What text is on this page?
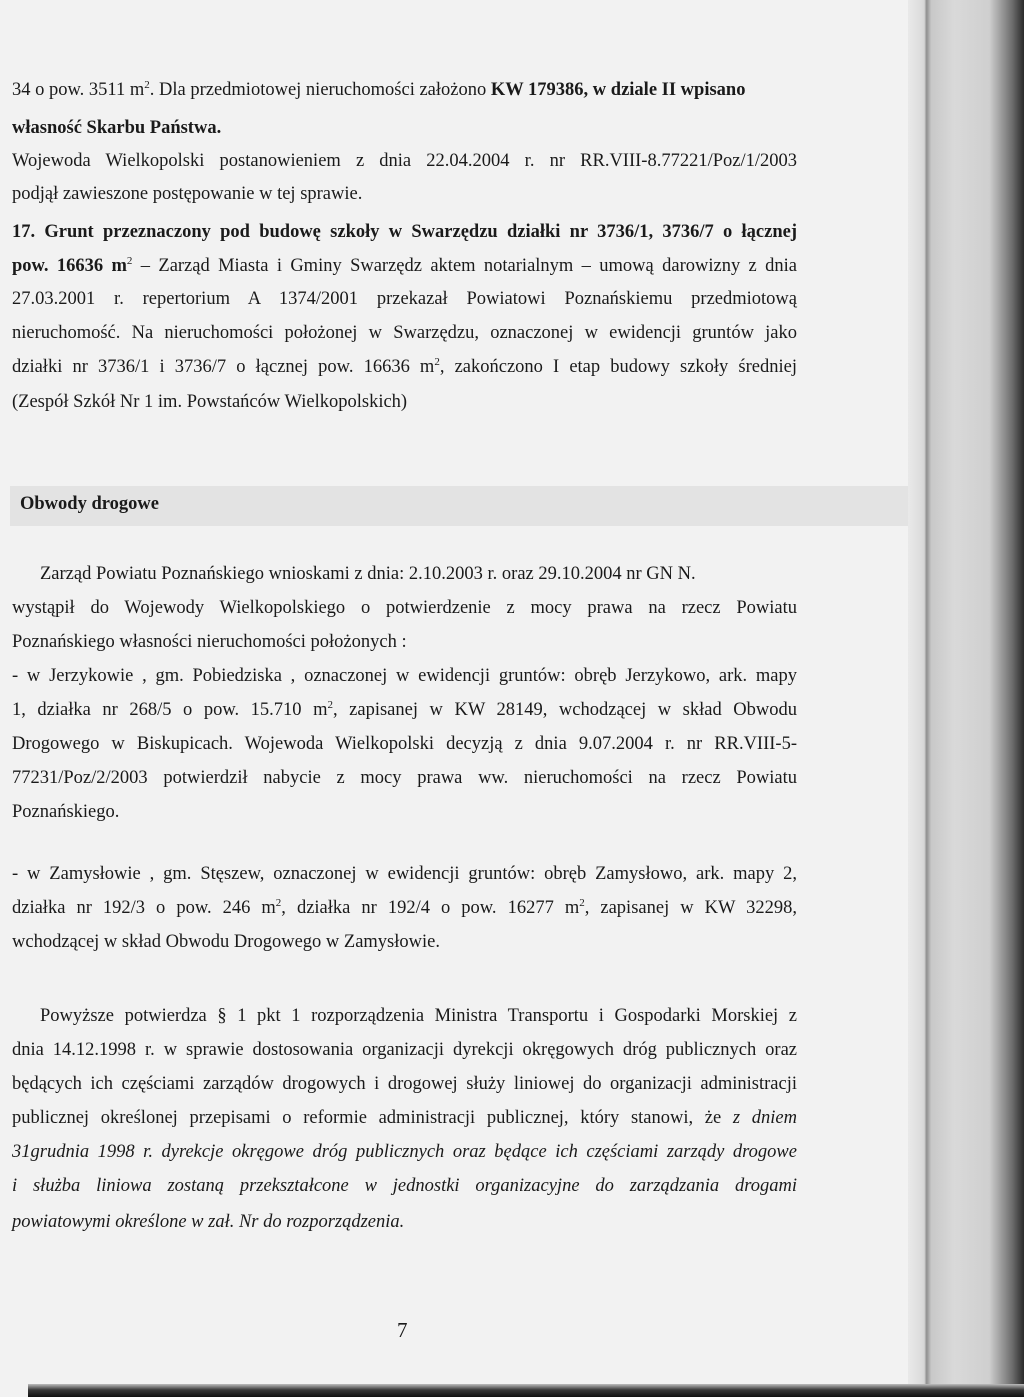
34 o pow. 3511 $m^2$. Dla przedmiotowej nieruchomości założono KW 179386, w dziale II wpisano
własność Skarbu Państwa.
Wojewoda Wielkopolski postanowieniem z dnia 22.04.2004 r. nr RR.VIII-8.77221/Poz/1/2003
podjął zawieszone postępowanie w tej sprawie.
17. Grunt przeznaczony pod budowę szkoły w Swarzędzu działki nr 3736/1, 3736/7 o łącznej
pow. 16636 $m^2$ – Zarząd Miasta i Gminy Swarzędz aktem notarialnym – umową darowizny z dnia
27.03.2001 r. repertorium A 1374/2001 przekazał Powiatowi Poznańskiemu przedmiotową
nieruchomość. Na nieruchomości położonej w Swarzędzu, oznaczonej w ewidencji gruntów jako
działki nr 3736/1 i 3736/7 o łącznej pow. 16636 $m^2$, zakończono I etap budowy szkoły średniej
(Zespół Szkół Nr 1 im. Powstańców Wielkopolskich)
Zarząd Powiatu Poznańskiego wnioskami z dnia: 2.10.2003 r. oraz 29.10.2004 nr GN N.
wystąpił do Wojewody Wielkopolskiego o potwierdzenie z mocy prawa na rzecz Powiatu
Poznańskiego własności nieruchomości położonych :
- w Jerzykowie , gm. Pobiedziska , oznaczonej w ewidencji gruntów: obręb Jerzykowo, ark. mapy
1, działka nr 268/5 o pow. 15.710 $m^2$, zapisanej w KW 28149, wchodzącej w skład Obwodu
Drogowego w Biskupicach. Wojewoda Wielkopolski decyzją z dnia 9.07.2004 r. nr RR.VIII-5-
77231/Poz/2/2003 potwierdził nabycie z mocy prawa ww. nieruchomości na rzecz Powiatu
Poznańskiego.
- w Zamysłowie , gm. Stęszew, oznaczonej w ewidencji gruntów: obręb Zamysłowo, ark. mapy 2,
działka nr 192/3 o pow. 246 $m^2$, działka nr 192/4 o pow. 16277 $m^2$, zapisanej w KW 32298,
wchodzącej w skład Obwodu Drogowego w Zamysłowie.
Powyższe potwierdza § 1 pkt 1 rozporządzenia Ministra Transportu i Gospodarki Morskiej z
dnia 14.12.1998 r. w sprawie dostosowania organizacji dyrekcji okręgowych dróg publicznych oraz
będących ich częściami zarządów drogowych i drogowej służy liniowej do organizacji administracji
publicznej określonej przepisami o reformie administracji publicznej, który stanowi, że z dniem
31grudnia 1998 r. dyrekcje okręgowe dróg publicznych oraz będące ich częściami zarządy drogowe
i służba liniowa zostaną przekształcone w jednostki organizacyjne do zarządzania drogami
powiatowymi określone w zał. Nr do rozporządzenia.
Obwody drogowe
7
